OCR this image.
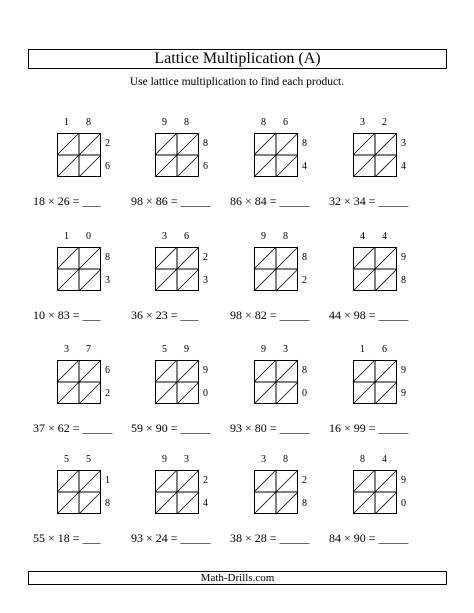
Lattice Multiplication (A)
Use lattice multiplication to find each product.
1 8
2
6
18 × 26 = ___
9 8
8
6
98 × 86 = _____
8 6
8
4
86 × 84 = _____
3 2
3
4
32 × 34 = _____
1 0
8
3
10 × 83 = ___
3 6
2
3
36 × 23 = ___
9 8
8
2
98 × 82 = _____
4 4
9
8
44 × 98 = _____
3 7
6
2
37 × 62 = _____
5 9
9
0
59 × 90 = _____
9 3
8
0
93 × 80 = _____
1 6
9
9
16 × 99 = _____
5 5
1
8
55 × 18 = ___
9 3
2
4
93 × 24 = _____
3 8
2
8
38 × 28 = _____
8 4
9
0
84 × 90 = _____
Math-Drills.com
